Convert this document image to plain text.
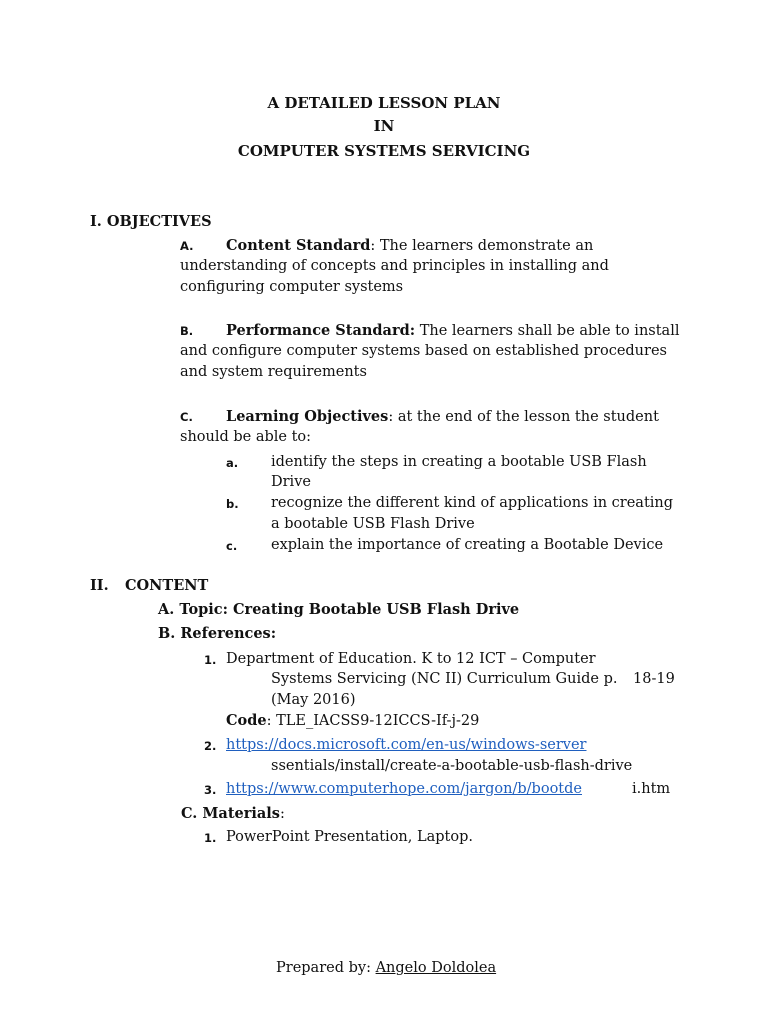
A DETAILED LESSON PLAN
IN
COMPUTER SYSTEMS SERVICING
I. OBJECTIVES
A. Content Standard: The learners demonstrate an
understanding of concepts and principles in installing and
configuring computer systems
B. Performance Standard: The learners shall be able to install
and configure computer systems based on established procedures
and system requirements
C. Learning Objectives: at the end of the lesson the student
should be able to:
a. identify the steps in creating a bootable USB Flash
Drive
b. recognize the different kind of applications in creating
a bootable USB Flash Drive
c. explain the importance of creating a Bootable Device
II. CONTENT
A. Topic: Creating Bootable USB Flash Drive
B. References:
1. Department of Education. K to 12 ICT – Computer
Systems Servicing (NC II) Curriculum Guide p. 18-19
(May 2016)
Code: TLE_IACSS9-12ICCS-If-j-29
2. https://docs.microsoft.com/en-us/windows-server
ssentials/install/create-a-bootable-usb-flash-drive
3. https://www.computerhope.com/jargon/b/bootde	i.htm
C. Materials:
1. PowerPoint Presentation, Laptop.
Prepared by: Angelo Doldolea
